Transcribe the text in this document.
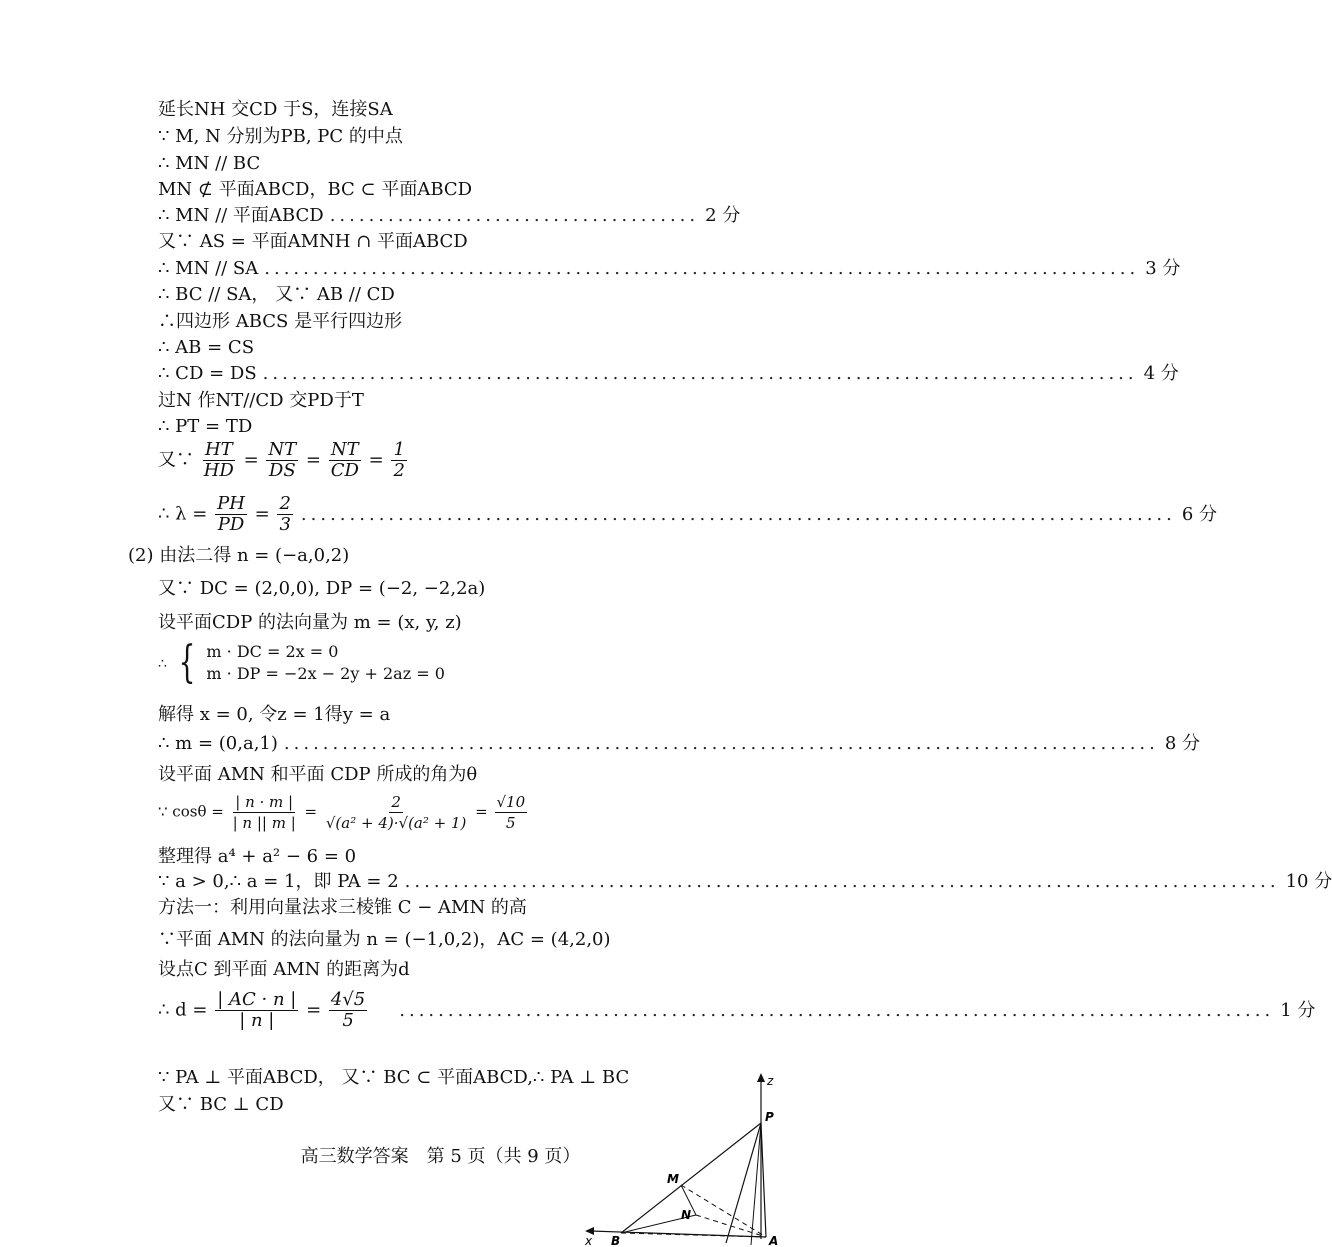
延长NH 交CD 于S，连接SA
∵ M, N 分别为PB, PC 的中点
∴ MN // BC
MN ⊄ 平面ABCD，BC ⊂ 平面ABCD
∴ MN // 平面ABCD ...................................... 2 分
又∵ AS = 平面AMNH ∩ 平面ABCD
∴ MN // SA .......................................................................................... 3 分
∴ BC // SA， 又∵ AB // CD
∴四边形 ABCS 是平行四边形
∴ AB = CS
∴ CD = DS .......................................................................................... 4 分
过N 作NT//CD 交PD于T
∴ PT = TD
又∵ $\frac{HT}{HD} = \frac{NT}{DS} = \frac{NT}{CD} = \frac{1}{2}$
∴ $\lambda = \frac{PH}{PD} = \frac{2}{3}$ .......................................................................................... 6 分
(2) 由法二得 n = (−a,0,2)
又∵ DC = (2,0,0), DP = (−2, −2,2a)
设平面CDP 的法向量为 m = (x, y, z)
∴ { m · DC = 2x = 0
m · DP = −2x − 2y + 2az = 0
解得 x = 0, 令z = 1得y = a
∴ m = (0,a,1) .......................................................................................... 8 分
设平面 AMN 和平面 CDP 所成的角为θ
∵ $\cos\theta = \frac{| n \cdot m |}{| n || m |} = \frac{2}{\text{√(a² + 4)·√(a² + 1)}} = \frac{√10}{5}$
整理得 a⁴ + a² − 6 = 0
∵ a > 0,∴ a = 1，即 PA = 2 .......................................................................................... 10 分
方法一：利用向量法求三棱锥 C − AMN 的高
∵平面 AMN 的法向量为 n = (−1,0,2)，AC = (4,2,0)
设点C 到平面 AMN 的距离为d
∴ $d = \frac{| AC \cdot n |}{| n |} = \frac{4√5}{5}$ .......................................................................................... 1 分
∵ PA ⊥ 平面ABCD， 又∵ BC ⊂ 平面ABCD,∴ PA ⊥ BC
又∵ BC ⊥ CD
高三数学答案　第 5 页（共 9 页）
z
x
P
M
N
B	A
